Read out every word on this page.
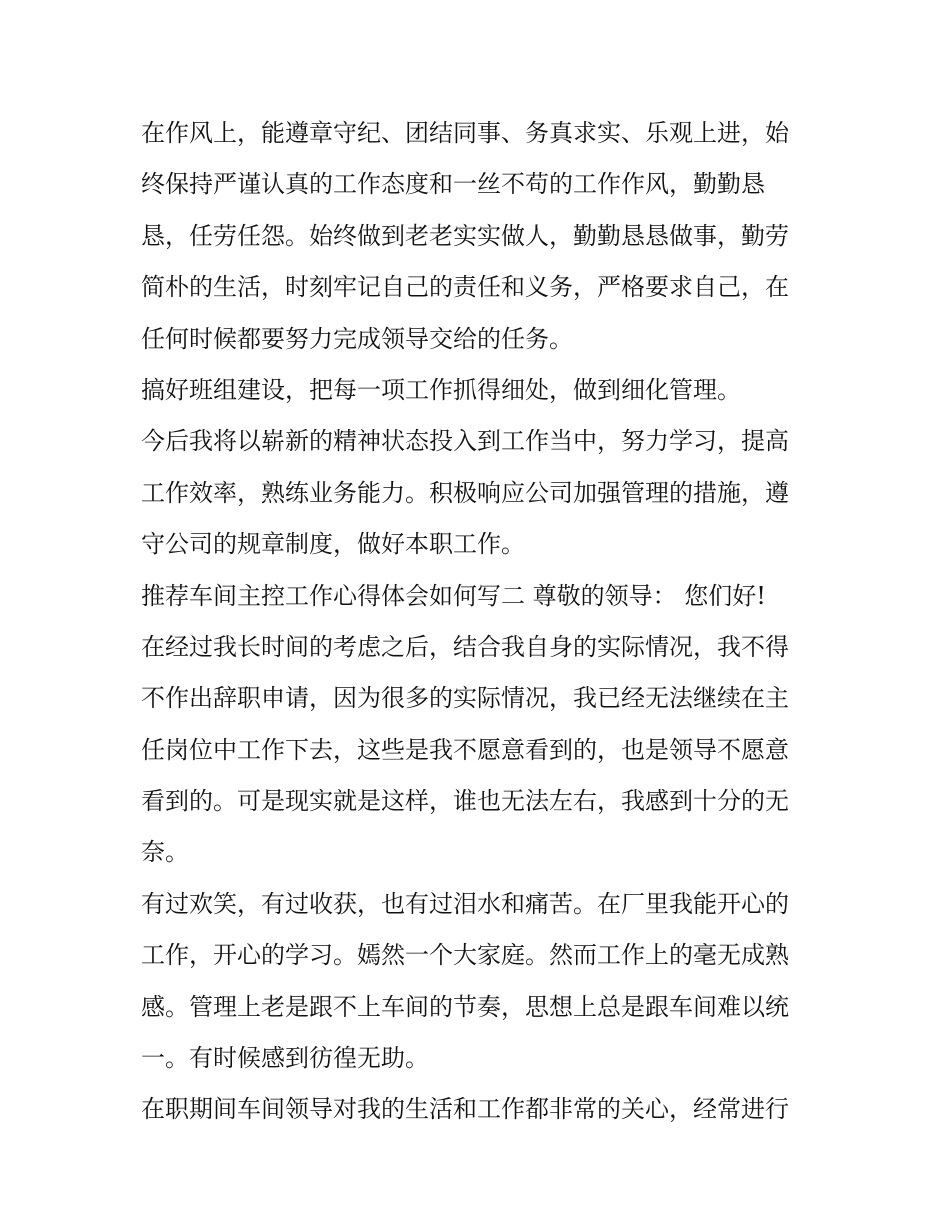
在作风上，能遵章守纪、团结同事、务真求实、乐观上进，始
终保持严谨认真的工作态度和一丝不苟的工作作风，勤勤恳
恳，任劳任怨。始终做到老老实实做人，勤勤恳恳做事，勤劳
简朴的生活，时刻牢记自己的责任和义务，严格要求自己，在
任何时候都要努力完成领导交给的任务。
搞好班组建设，把每一项工作抓得细处，做到细化管理。
今后我将以崭新的精神状态投入到工作当中，努力学习，提高
工作效率，熟练业务能力。积极响应公司加强管理的措施，遵
守公司的规章制度，做好本职工作。
推荐车间主控工作心得体会如何写二 尊敬的领导： 您们好!
在经过我长时间的考虑之后，结合我自身的实际情况，我不得
不作出辞职申请，因为很多的实际情况，我已经无法继续在主
任岗位中工作下去，这些是我不愿意看到的，也是领导不愿意
看到的。可是现实就是这样，谁也无法左右，我感到十分的无
奈。
有过欢笑，有过收获，也有过泪水和痛苦。在厂里我能开心的
工作，开心的学习。嫣然一个大家庭。然而工作上的毫无成熟
感。管理上老是跟不上车间的节奏，思想上总是跟车间难以统
一。有时候感到彷徨无助。
在职期间车间领导对我的生活和工作都非常的关心，经常进行
